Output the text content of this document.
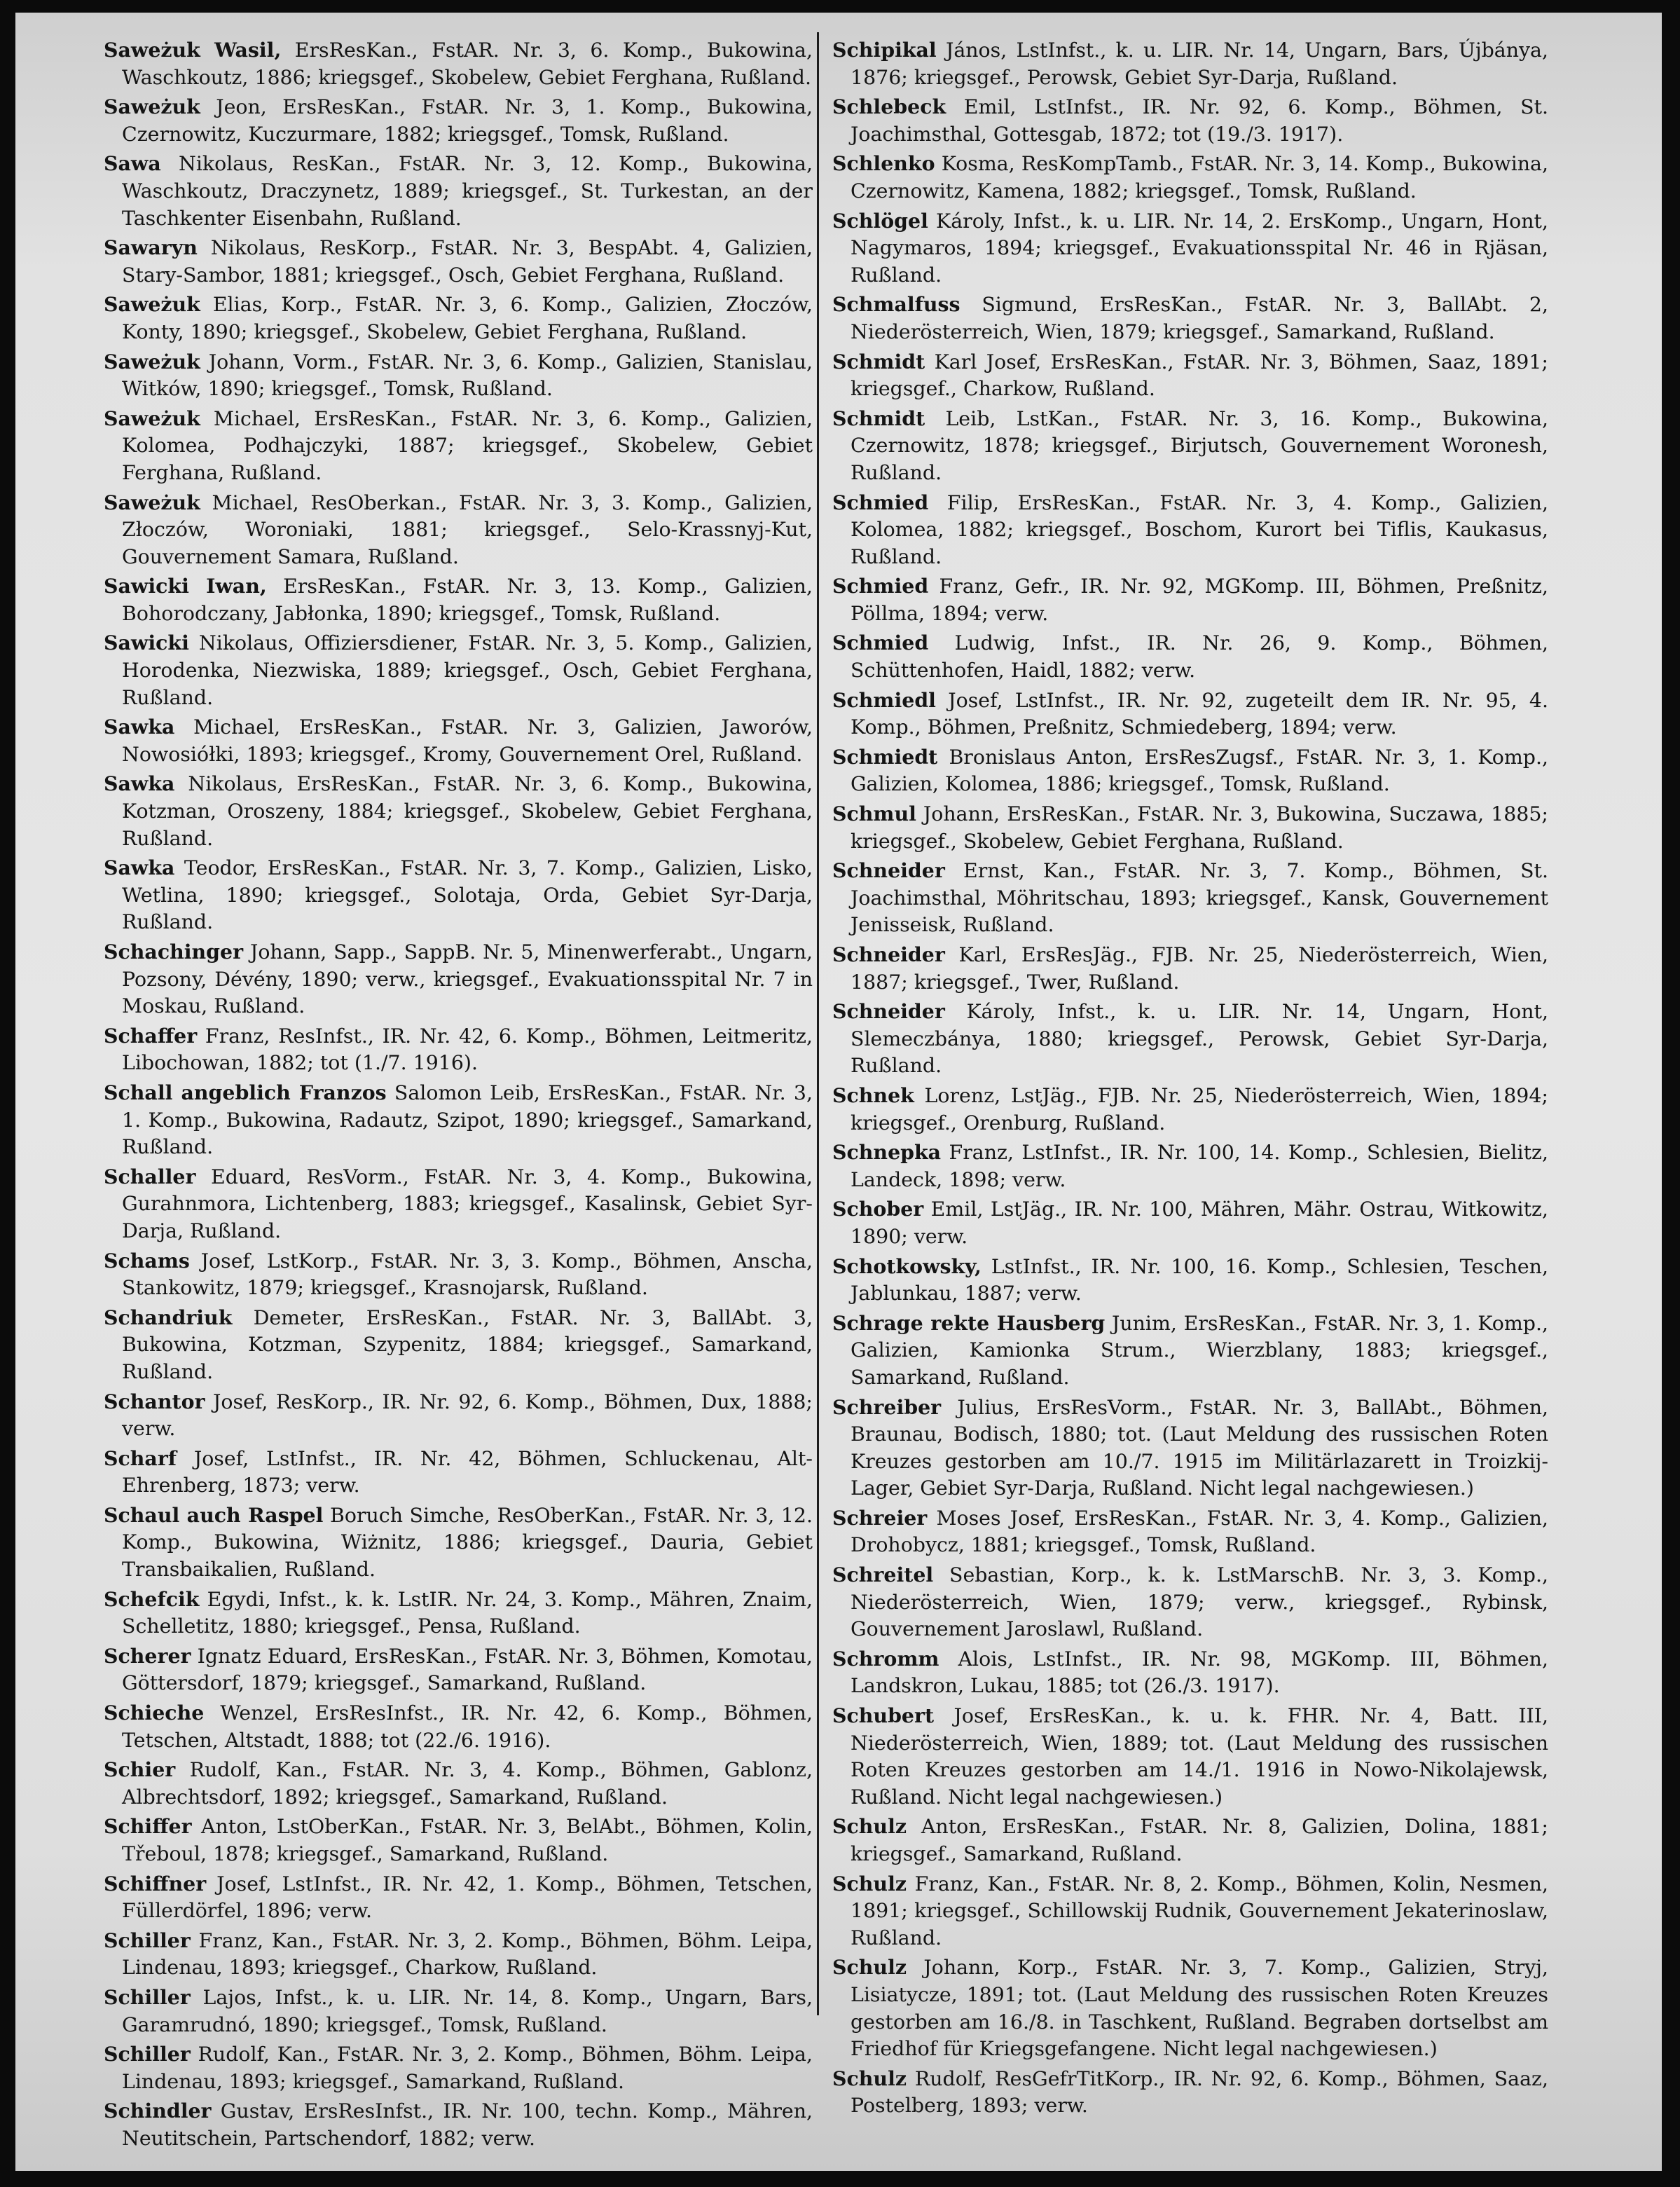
Saweżuk Wasil, ErsResKan., FstAR. Nr. 3, 6. Komp., Bukowina, Waschkoutz, 1886; kriegsgef., Skobelew, Gebiet Ferghana, Rußland.

Saweżuk Jeon, ErsResKan., FstAR. Nr. 3, 1. Komp., Bukowina, Czernowitz, Kuczurmare, 1882; kriegsgef., Tomsk, Rußland.

Sawa Nikolaus, ResKan., FstAR. Nr. 3, 12. Komp., Bukowina, Waschkoutz, Draczynetz, 1889; kriegsgef., St. Turkestan, an der Taschkenter Eisenbahn, Rußland.

Sawaryn Nikolaus, ResKorp., FstAR. Nr. 3, BespAbt. 4, Galizien, Stary-Sambor, 1881; kriegsgef., Osch, Gebiet Ferghana, Rußland.

Saweżuk Elias, Korp., FstAR. Nr. 3, 6. Komp., Galizien, Złoczów, Konty, 1890; kriegsgef., Skobelew, Gebiet Ferghana, Rußland.

Saweżuk Johann, Vorm., FstAR. Nr. 3, 6. Komp., Galizien, Stanislau, Witków, 1890; kriegsgef., Tomsk, Rußland.

Saweżuk Michael, ErsResKan., FstAR. Nr. 3, 6. Komp., Galizien, Kolomea, Podhajczyki, 1887; kriegsgef., Skobelew, Gebiet Ferghana, Rußland.

Saweżuk Michael, ResOberkan., FstAR. Nr. 3, 3. Komp., Galizien, Złoczów, Woroniaki, 1881; kriegsgef., Selo-Krassnyj-Kut, Gouvernement Samara, Rußland.

Sawicki Iwan, ErsResKan., FstAR. Nr. 3, 13. Komp., Galizien, Bohorodczany, Jabłonka, 1890; kriegsgef., Tomsk, Rußland.

Sawicki Nikolaus, Offiziersdiener, FstAR. Nr. 3, 5. Komp., Galizien, Horodenka, Niezwiska, 1889; kriegsgef., Osch, Gebiet Ferghana, Rußland.

Sawka Michael, ErsResKan., FstAR. Nr. 3, Galizien, Jaworów, Nowosiółki, 1893; kriegsgef., Kromy, Gouvernement Orel, Rußland.

Sawka Nikolaus, ErsResKan., FstAR. Nr. 3, 6. Komp., Bukowina, Kotzman, Oroszeny, 1884; kriegsgef., Skobelew, Gebiet Ferghana, Rußland.

Sawka Teodor, ErsResKan., FstAR. Nr. 3, 7. Komp., Galizien, Lisko, Wetlina, 1890; kriegsgef., Solotaja, Orda, Gebiet Syr-Darja, Rußland.

Schachinger Johann, Sapp., SappB. Nr. 5, Minenwerferabt., Ungarn, Pozsony, Dévény, 1890; verw., kriegsgef., Evakuationsspital Nr. 7 in Moskau, Rußland.

Schaffer Franz, ResInfst., IR. Nr. 42, 6. Komp., Böhmen, Leitmeritz, Libochowan, 1882; tot (1./7. 1916).

Schall angeblich Franzos Salomon Leib, ErsResKan., FstAR. Nr. 3, 1. Komp., Bukowina, Radautz, Szipot, 1890; kriegsgef., Samarkand, Rußland.

Schaller Eduard, ResVorm., FstAR. Nr. 3, 4. Komp., Bukowina, Gurahnmora, Lichtenberg, 1883; kriegsgef., Kasalinsk, Gebiet Syr-Darja, Rußland.

Schams Josef, LstKorp., FstAR. Nr. 3, 3. Komp., Böhmen, Anscha, Stankowitz, 1879; kriegsgef., Krasnojarsk, Rußland.

Schandriuk Demeter, ErsResKan., FstAR. Nr. 3, BallAbt. 3, Bukowina, Kotzman, Szypenitz, 1884; kriegsgef., Samarkand, Rußland.

Schantor Josef, ResKorp., IR. Nr. 92, 6. Komp., Böhmen, Dux, 1888; verw.

Scharf Josef, LstInfst., IR. Nr. 42, Böhmen, Schluckenau, Alt-Ehrenberg, 1873; verw.

Schaul auch Raspel Boruch Simche, ResOberKan., FstAR. Nr. 3, 12. Komp., Bukowina, Wiżnitz, 1886; kriegsgef., Dauria, Gebiet Transbaikalien, Rußland.

Schefcik Egydi, Infst., k. k. LstIR. Nr. 24, 3. Komp., Mähren, Znaim, Schelletitz, 1880; kriegsgef., Pensa, Rußland.

Scherer Ignatz Eduard, ErsResKan., FstAR. Nr. 3, Böhmen, Komotau, Göttersdorf, 1879; kriegsgef., Samarkand, Rußland.

Schieche Wenzel, ErsResInfst., IR. Nr. 42, 6. Komp., Böhmen, Tetschen, Altstadt, 1888; tot (22./6. 1916).

Schier Rudolf, Kan., FstAR. Nr. 3, 4. Komp., Böhmen, Gablonz, Albrechtsdorf, 1892; kriegsgef., Samarkand, Rußland.

Schiffer Anton, LstOberKan., FstAR. Nr. 3, BelAbt., Böhmen, Kolin, Třeboul, 1878; kriegsgef., Samarkand, Rußland.

Schiffner Josef, LstInfst., IR. Nr. 42, 1. Komp., Böhmen, Tetschen, Füllerdörfel, 1896; verw.

Schiller Franz, Kan., FstAR. Nr. 3, 2. Komp., Böhmen, Böhm. Leipa, Lindenau, 1893; kriegsgef., Charkow, Rußland.

Schiller Lajos, Infst., k. u. LIR. Nr. 14, 8. Komp., Ungarn, Bars, Garamrudnó, 1890; kriegsgef., Tomsk, Rußland.

Schiller Rudolf, Kan., FstAR. Nr. 3, 2. Komp., Böhmen, Böhm. Leipa, Lindenau, 1893; kriegsgef., Samarkand, Rußland.

Schindler Gustav, ErsResInfst., IR. Nr. 100, techn. Komp., Mähren, Neutitschein, Partschendorf, 1882; verw.

Schipikal János, LstInfst., k. u. LIR. Nr. 14, Ungarn, Bars, Újbánya, 1876; kriegsgef., Perowsk, Gebiet Syr-Darja, Rußland.

Schlebeck Emil, LstInfst., IR. Nr. 92, 6. Komp., Böhmen, St. Joachimsthal, Gottesgab, 1872; tot (19./3. 1917).

Schlenko Kosma, ResKompTamb., FstAR. Nr. 3, 14. Komp., Bukowina, Czernowitz, Kamena, 1882; kriegsgef., Tomsk, Rußland.

Schlögel Károly, Infst., k. u. LIR. Nr. 14, 2. ErsKomp., Ungarn, Hont, Nagymaros, 1894; kriegsgef., Evakuationsspital Nr. 46 in Rjäsan, Rußland.

Schmalfuss Sigmund, ErsResKan., FstAR. Nr. 3, BallAbt. 2, Niederösterreich, Wien, 1879; kriegsgef., Samarkand, Rußland.

Schmidt Karl Josef, ErsResKan., FstAR. Nr. 3, Böhmen, Saaz, 1891; kriegsgef., Charkow, Rußland.

Schmidt Leib, LstKan., FstAR. Nr. 3, 16. Komp., Bukowina, Czernowitz, 1878; kriegsgef., Birjutsch, Gouvernement Woronesh, Rußland.

Schmied Filip, ErsResKan., FstAR. Nr. 3, 4. Komp., Galizien, Kolomea, 1882; kriegsgef., Boschom, Kurort bei Tiflis, Kaukasus, Rußland.

Schmied Franz, Gefr., IR. Nr. 92, MGKomp. III, Böhmen, Preßnitz, Pöllma, 1894; verw.

Schmied Ludwig, Infst., IR. Nr. 26, 9. Komp., Böhmen, Schüttenhofen, Haidl, 1882; verw.

Schmiedl Josef, LstInfst., IR. Nr. 92, zugeteilt dem IR. Nr. 95, 4. Komp., Böhmen, Preßnitz, Schmiedeberg, 1894; verw.

Schmiedt Bronislaus Anton, ErsResZugsf., FstAR. Nr. 3, 1. Komp., Galizien, Kolomea, 1886; kriegsgef., Tomsk, Rußland.

Schmul Johann, ErsResKan., FstAR. Nr. 3, Bukowina, Suczawa, 1885; kriegsgef., Skobelew, Gebiet Ferghana, Rußland.

Schneider Ernst, Kan., FstAR. Nr. 3, 7. Komp., Böhmen, St. Joachimsthal, Möhritschau, 1893; kriegsgef., Kansk, Gouvernement Jenisseisk, Rußland.

Schneider Karl, ErsResJäg., FJB. Nr. 25, Niederösterreich, Wien, 1887; kriegsgef., Twer, Rußland.

Schneider Károly, Infst., k. u. LIR. Nr. 14, Ungarn, Hont, Slemeczbánya, 1880; kriegsgef., Perowsk, Gebiet Syr-Darja, Rußland.

Schnek Lorenz, LstJäg., FJB. Nr. 25, Niederösterreich, Wien, 1894; kriegsgef., Orenburg, Rußland.

Schnepka Franz, LstInfst., IR. Nr. 100, 14. Komp., Schlesien, Bielitz, Landeck, 1898; verw.

Schober Emil, LstJäg., IR. Nr. 100, Mähren, Mähr. Ostrau, Witkowitz, 1890; verw.

Schotkowsky, LstInfst., IR. Nr. 100, 16. Komp., Schlesien, Teschen, Jablunkau, 1887; verw.

Schrage rekte Hausberg Junim, ErsResKan., FstAR. Nr. 3, 1. Komp., Galizien, Kamionka Strum., Wierzblany, 1883; kriegsgef., Samarkand, Rußland.

Schreiber Julius, ErsResVorm., FstAR. Nr. 3, BallAbt., Böhmen, Braunau, Bodisch, 1880; tot. (Laut Meldung des russischen Roten Kreuzes gestorben am 10./7. 1915 im Militärlazarett in Troizkij-Lager, Gebiet Syr-Darja, Rußland. Nicht legal nachgewiesen.)

Schreier Moses Josef, ErsResKan., FstAR. Nr. 3, 4. Komp., Galizien, Drohobycz, 1881; kriegsgef., Tomsk, Rußland.

Schreitel Sebastian, Korp., k. k. LstMarschB. Nr. 3, 3. Komp., Niederösterreich, Wien, 1879; verw., kriegsgef., Rybinsk, Gouvernement Jaroslawl, Rußland.

Schromm Alois, LstInfst., IR. Nr. 98, MGKomp. III, Böhmen, Landskron, Lukau, 1885; tot (26./3. 1917).

Schubert Josef, ErsResKan., k. u. k. FHR. Nr. 4, Batt. III, Niederösterreich, Wien, 1889; tot. (Laut Meldung des russischen Roten Kreuzes gestorben am 14./1. 1916 in Nowo-Nikolajewsk, Rußland. Nicht legal nachgewiesen.)

Schulz Anton, ErsResKan., FstAR. Nr. 8, Galizien, Dolina, 1881; kriegsgef., Samarkand, Rußland.

Schulz Franz, Kan., FstAR. Nr. 8, 2. Komp., Böhmen, Kolin, Nesmen, 1891; kriegsgef., Schillowskij Rudnik, Gouvernement Jekaterinoslaw, Rußland.

Schulz Johann, Korp., FstAR. Nr. 3, 7. Komp., Galizien, Stryj, Lisiatycze, 1891; tot. (Laut Meldung des russischen Roten Kreuzes gestorben am 16./8. in Taschkent, Rußland. Begraben dortselbst am Friedhof für Kriegsgefangene. Nicht legal nachgewiesen.)

Schulz Rudolf, ResGefrTitKorp., IR. Nr. 92, 6. Komp., Böhmen, Saaz, Postelberg, 1893; verw.
